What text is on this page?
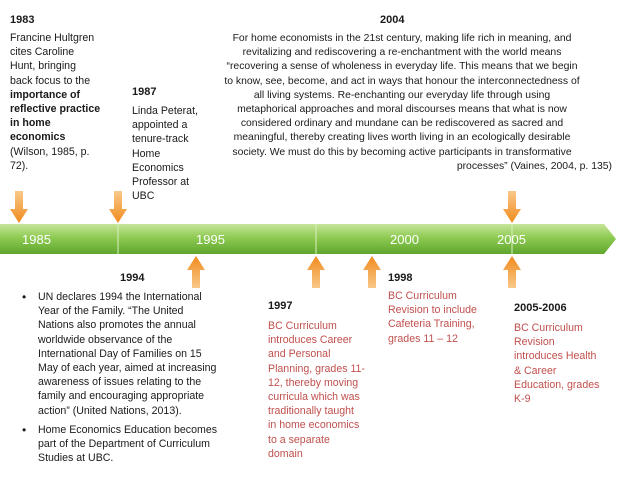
1985	1995	2000	2005
1983
Francine Hultgren
cites Caroline
Hunt, bringing
back focus to the
importance of
reflective practice
in home
economics
(Wilson, 1985, p.
72).
1987
Linda Peterat,
appointed a
tenure-track
Home
Economics
Professor at
UBC
2004
For home economists in the 21st century, making life rich in meaning, and
revitalizing and rediscovering a re-enchantment with the world means
“recovering a sense of wholeness in everyday life. This means that we begin
to know, see, become, and act in ways that honour the interconnectedness of
all living systems. Re-enchanting our everyday life through using
metaphorical approaches and moral discourses means that what is now
considered ordinary and mundane can be rediscovered as sacred and
meaningful, thereby creating lives worth living in an ecologically desirable
society. We must do this by becoming active participants in transformative
processes” (Vaines, 2004, p. 135)
1994
• UN declares 1994 the International
Year of the Family. “The United
Nations also promotes the annual
worldwide observance of the
International Day of Families on 15
May of each year, aimed at increasing
awareness of issues relating to the
family and encouraging appropriate
action” (United Nations, 2013).
• Home Economics Education becomes
part of the Department of Curriculum
Studies at UBC.
1997
BC Curriculum
introduces Career
and Personal
Planning, grades 11-
12, thereby moving
curricula which was
traditionally taught
in home economics
to a separate
domain
1998
BC Curriculum
Revision to include
Cafeteria Training,
grades 11 – 12
2005-2006
BC Curriculum
Revision
introduces Health
& Career
Education, grades
K-9
